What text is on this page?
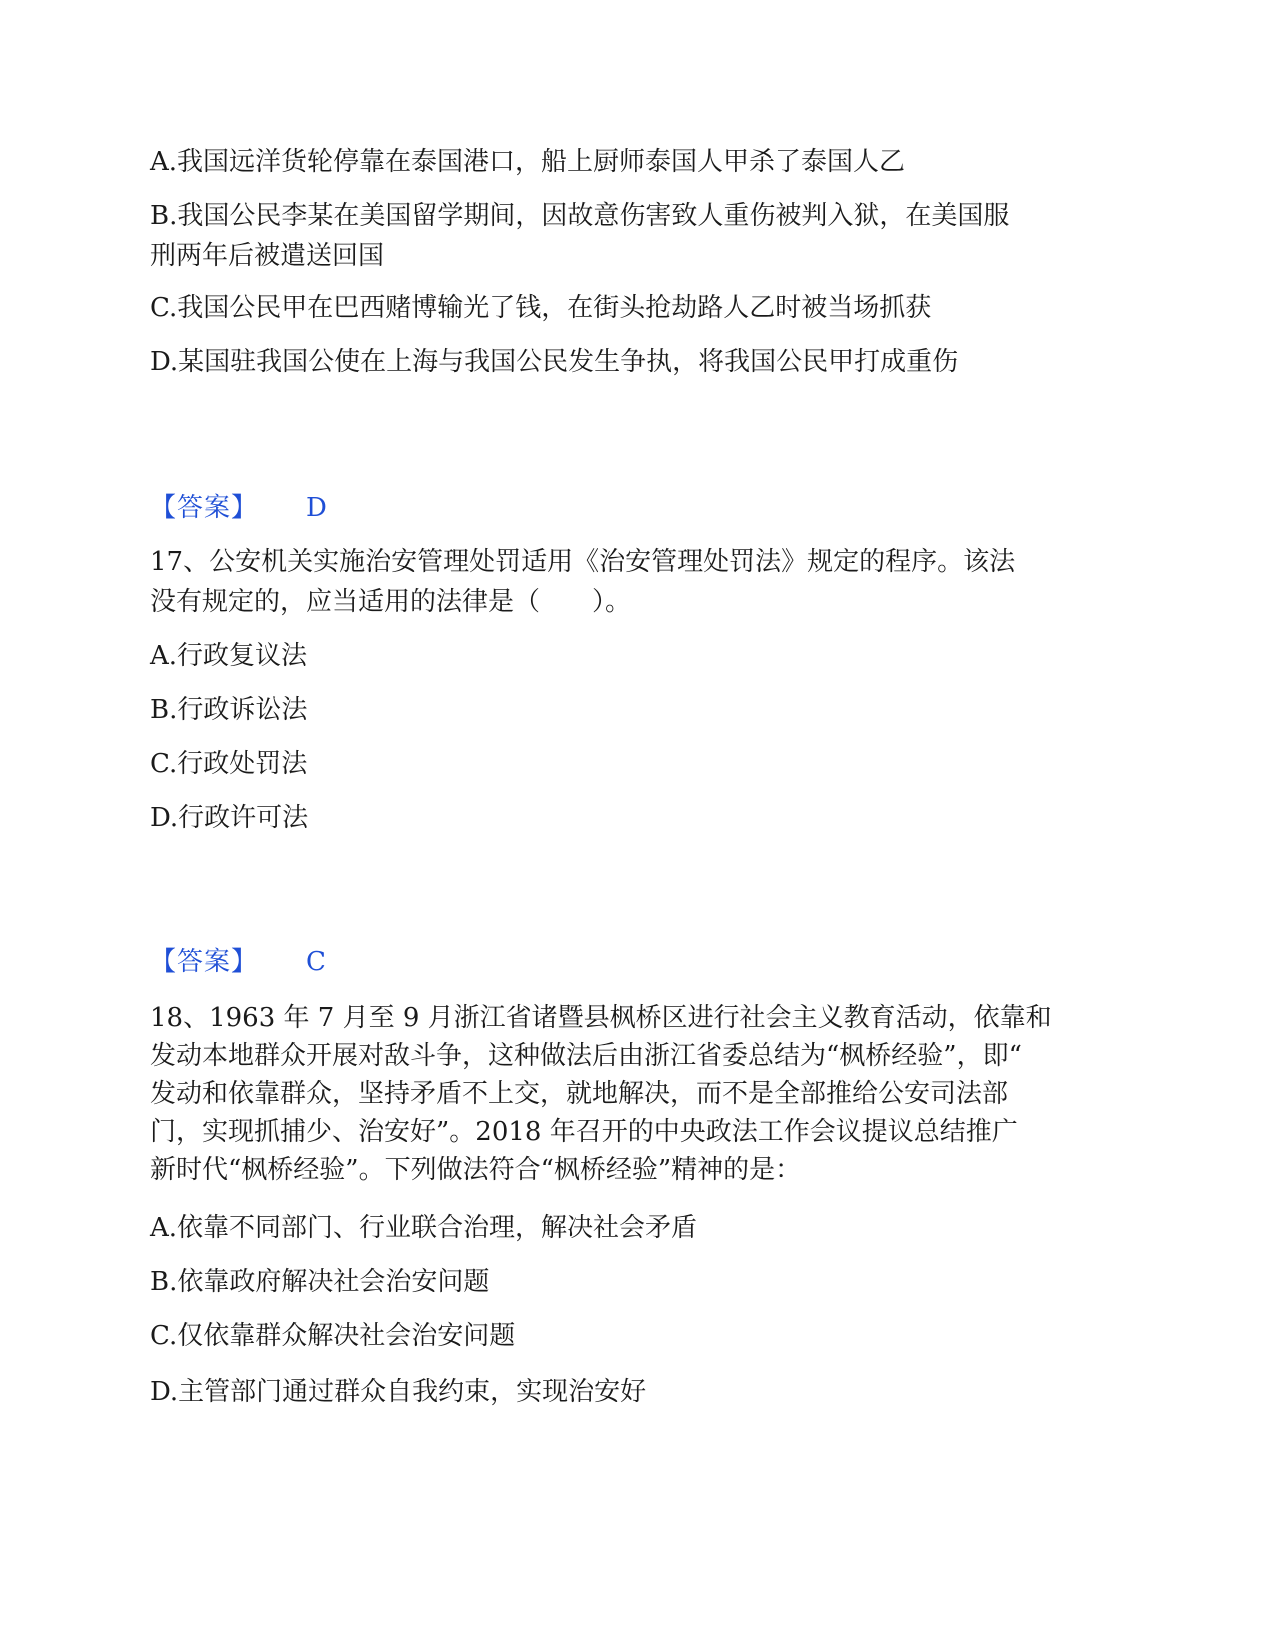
A.我国远洋货轮停靠在泰国港口，船上厨师泰国人甲杀了泰国人乙

B.我国公民李某在美国留学期间，因故意伤害致人重伤被判入狱，在美国服

刑两年后被遣送回国

C.我国公民甲在巴西赌博输光了钱，在街头抢劫路人乙时被当场抓获

D.某国驻我国公使在上海与我国公民发生争执，将我国公民甲打成重伤

【答案】 D

17、公安机关实施治安管理处罚适用《治安管理处罚法》规定的程序。该法

没有规定的，应当适用的法律是（　　）。

A.行政复议法

B.行政诉讼法

C.行政处罚法

D.行政许可法

【答案】 C

18、1963 年 7 月至 9 月浙江省诸暨县枫桥区进行社会主义教育活动，依靠和

发动本地群众开展对敌斗争，这种做法后由浙江省委总结为“枫桥经验”，即“

发动和依靠群众，坚持矛盾不上交，就地解决，而不是全部推给公安司法部

门，实现抓捕少、治安好”。2018 年召开的中央政法工作会议提议总结推广

新时代“枫桥经验”。下列做法符合“枫桥经验”精神的是：

A.依靠不同部门、行业联合治理，解决社会矛盾

B.依靠政府解决社会治安问题

C.仅依靠群众解决社会治安问题

D.主管部门通过群众自我约束，实现治安好
